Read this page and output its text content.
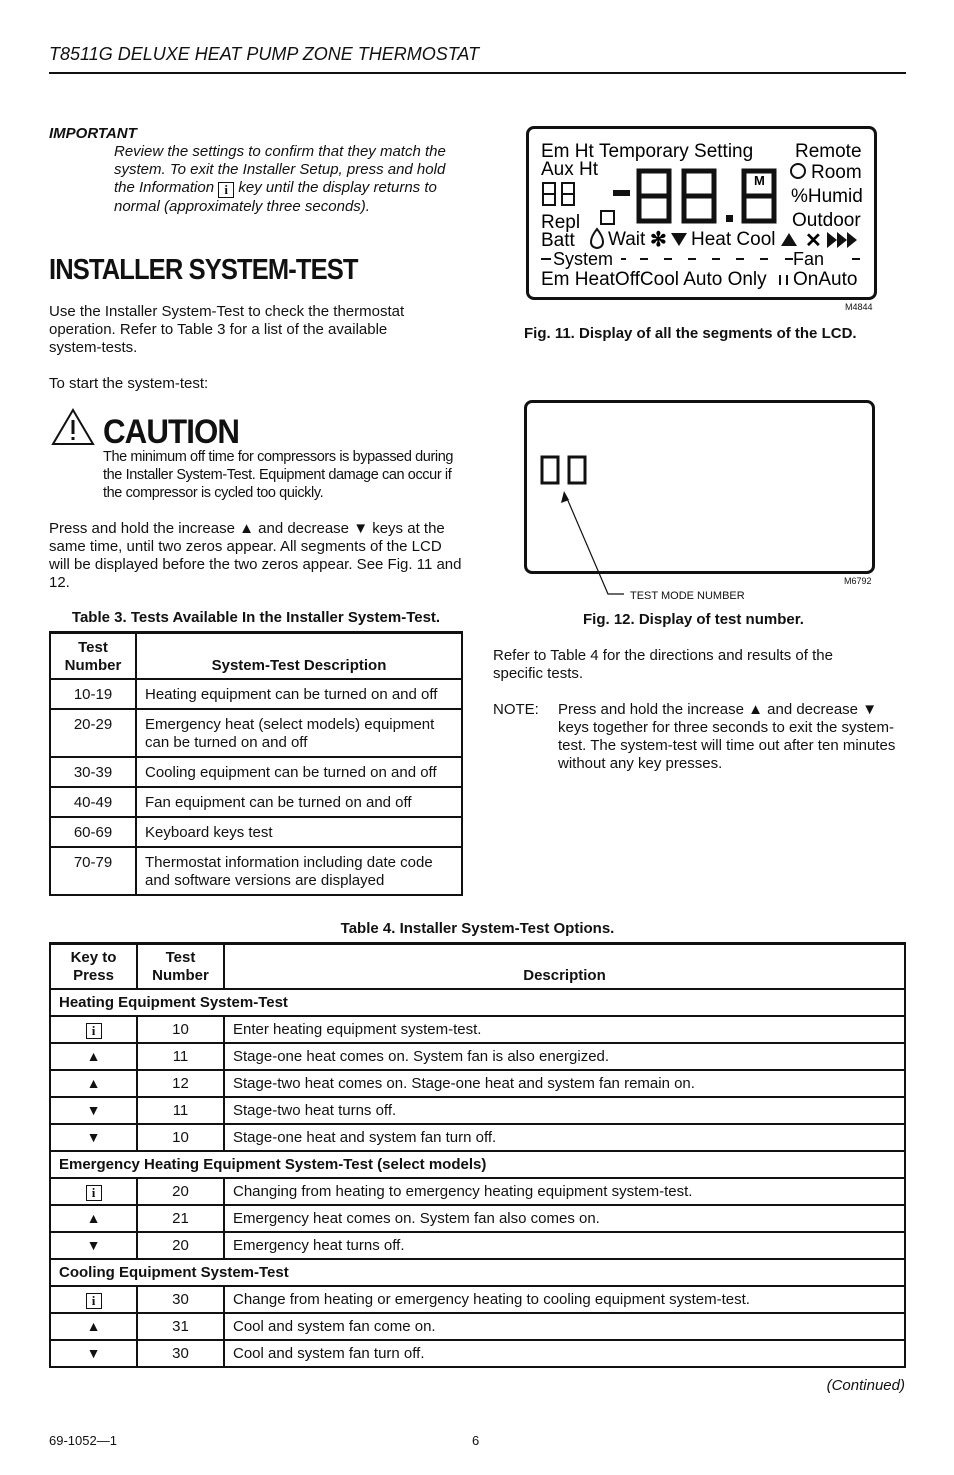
T8511G DELUXE HEAT PUMP ZONE THERMOSTAT
IMPORTANT
Review the settings to confirm that they match the system. To exit the Installer Setup, press and hold the Information i key until the display returns to normal (approximately three seconds).
INSTALLER SYSTEM-TEST
Use the Installer System-Test to check the thermostat operation. Refer to Table 3 for a list of the available system-tests.
To start the system-test:
CAUTION
The minimum off time for compressors is bypassed during the Installer System-Test. Equipment damage can occur if the compressor is cycled too quickly.
Press and hold the increase ▲ and decrease ▼ keys at the same time, until two zeros appear. All segments of the LCD will be displayed before the two zeros appear. See Fig. 11 and 12.
Table 3. Tests Available In the Installer System-Test.
Test Number	System-Test Description
10-19	Heating equipment can be turned on and off
20-29	Emergency heat (select models) equipment can be turned on and off
30-39	Cooling equipment can be turned on and off
40-49	Fan equipment can be turned on and off
60-69	Keyboard keys test
70-79	Thermostat information including date code and software versions are displayed
Em Ht Temporary Setting Remote
Aux Ht	Room
%Humid
M
Repl	Outdoor
Batt Wait ✻ Heat Cool ✕
System	Fan
Em HeatOffCool Auto Only OnAuto
M4844
Fig. 11. Display of all the segments of the LCD.
M6792
TEST MODE NUMBER
Fig. 12. Display of test number.
Refer to Table 4 for the directions and results of the specific tests.
NOTE: Press and hold the increase ▲ and decrease ▼ keys together for three seconds to exit the system-test. The system-test will time out after ten minutes without any key presses.
Table 4. Installer System-Test Options.
Key to Press	Test Number	Description
Heating Equipment System-Test		
i	10	Enter heating equipment system-test.
▲	11	Stage-one heat comes on. System fan is also energized.
▲	12	Stage-two heat comes on. Stage-one heat and system fan remain on.
▼	11	Stage-two heat turns off.
▼	10	Stage-one heat and system fan turn off.
Emergency Heating Equipment System-Test (select models)		
i	20	Changing from heating to emergency heating equipment system-test.
▲	21	Emergency heat comes on. System fan also comes on.
▼	20	Emergency heat turns off.
Cooling Equipment System-Test		
i	30	Change from heating or emergency heating to cooling equipment system-test.
▲	31	Cool and system fan come on.
▼	30	Cool and system fan turn off.
(Continued)
69-1052—1	6
